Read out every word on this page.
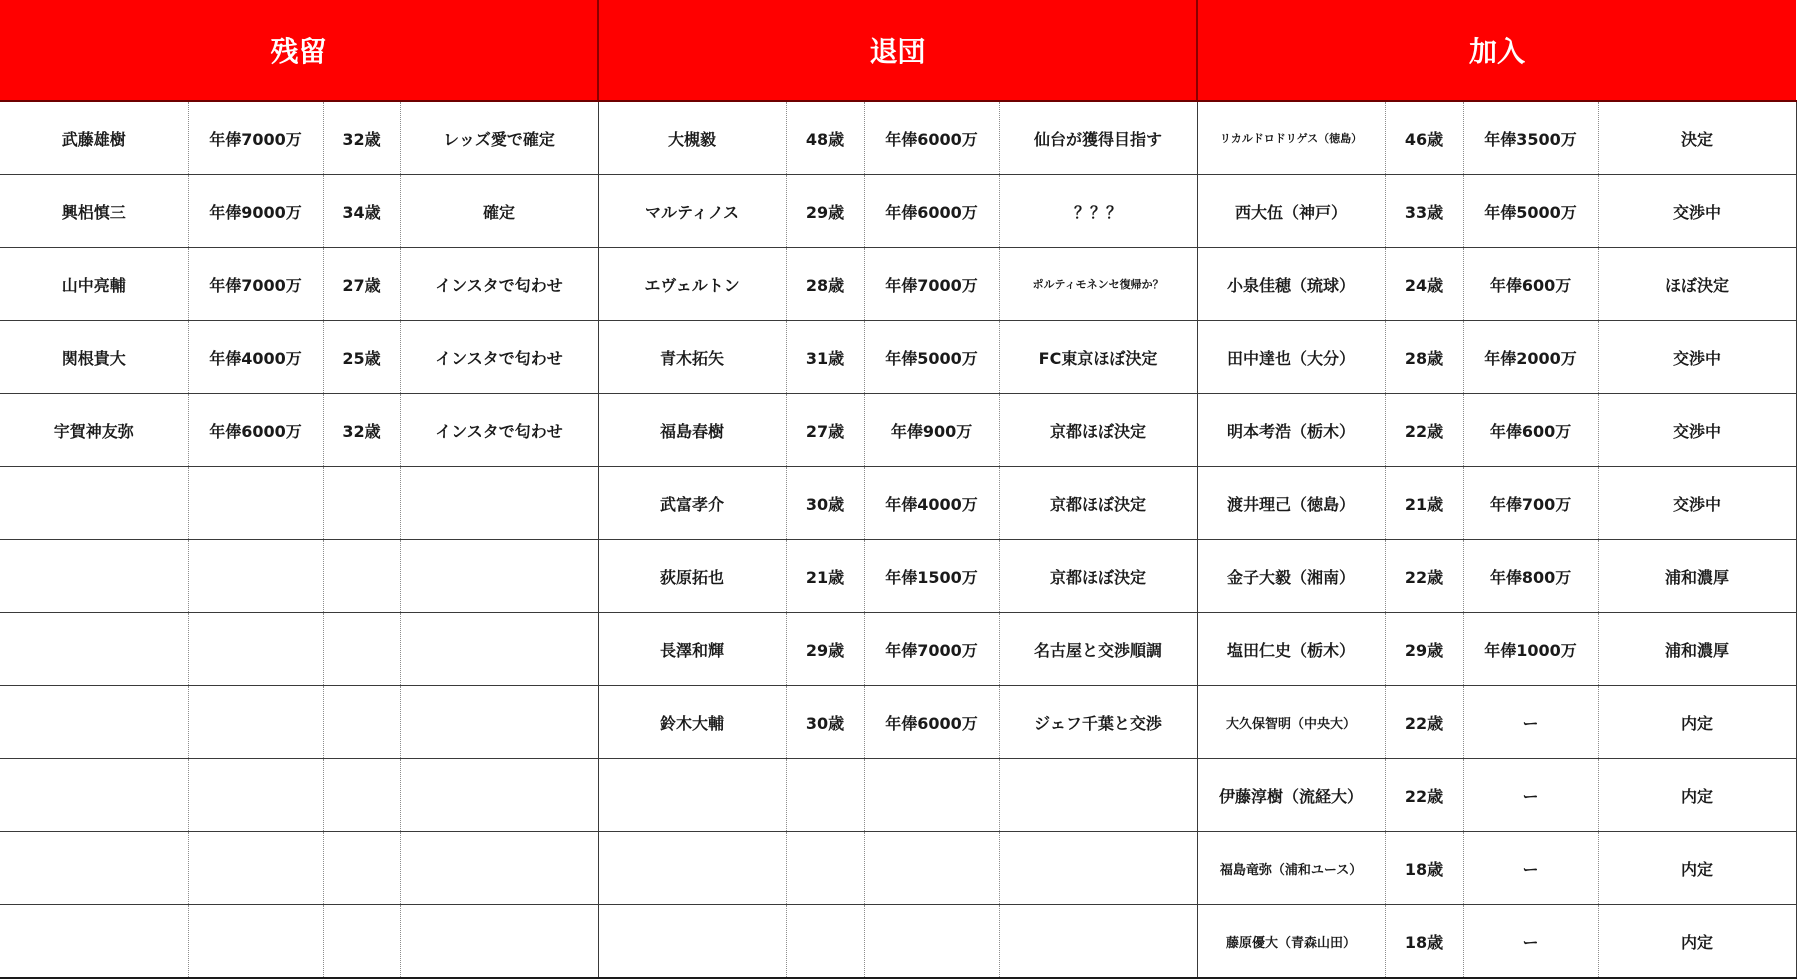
残留				退団				加入			
武藤雄樹	年俸7000万	32歳	レッズ愛で確定	大槻毅	48歳	年俸6000万	仙台が獲得目指す	リカルドロドリゲス（徳島）	46歳	年俸3500万	決定
興梠慎三	年俸9000万	34歳	確定	マルティノス	29歳	年俸6000万	？？？	西大伍（神戸）	33歳	年俸5000万	交渉中
山中亮輔	年俸7000万	27歳	インスタで匂わせ	エヴェルトン	28歳	年俸7000万	ポルティモネンセ復帰か？	小泉佳穂（琉球）	24歳	年俸600万	ほぼ決定
関根貴大	年俸4000万	25歳	インスタで匂わせ	青木拓矢	31歳	年俸5000万	FC東京ほぼ決定	田中達也（大分）	28歳	年俸2000万	交渉中
宇賀神友弥	年俸6000万	32歳	インスタで匂わせ	福島春樹	27歳	年俸900万	京都ほぼ決定	明本考浩（栃木）	22歳	年俸600万	交渉中
				武富孝介	30歳	年俸4000万	京都ほぼ決定	渡井理己（徳島）	21歳	年俸700万	交渉中
				荻原拓也	21歳	年俸1500万	京都ほぼ決定	金子大毅（湘南）	22歳	年俸800万	浦和濃厚
				長澤和輝	29歳	年俸7000万	名古屋と交渉順調	塩田仁史（栃木）	29歳	年俸1000万	浦和濃厚
				鈴木大輔	30歳	年俸6000万	ジェフ千葉と交渉	大久保智明（中央大）	22歳	ー	内定
								伊藤淳樹（流経大）	22歳	ー	内定
								福島竜弥（浦和ユース）	18歳	ー	内定
								藤原優大（青森山田）	18歳	ー	内定
